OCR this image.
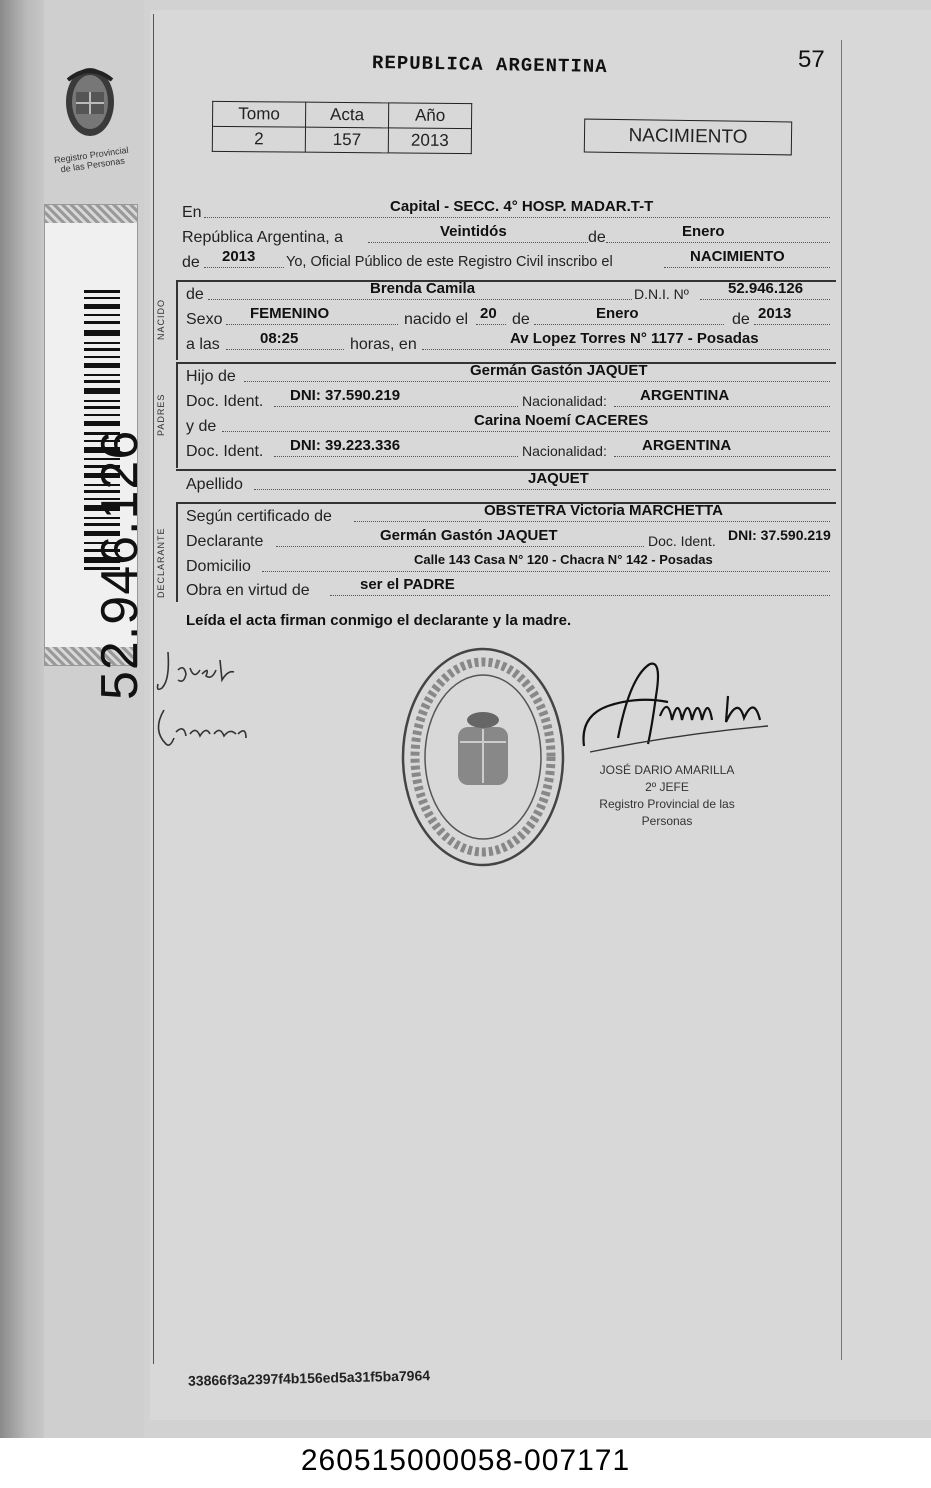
Registro Provincial de las Personas
52.946.126
REPUBLICA ARGENTINA	57
Tomo	Acta	Año
2	157	2013	NACIMIENTO
En	Capital - SECC. 4° HOSP. MADAR.T-T
República Argentina, a	Veintidós	de	Enero
de 2013 Yo, Oficial Público de este Registro Civil inscribo el	NACIMIENTO
NACIDO
de	Brenda Camila	D.N.I. Nº	52.946.126
Sexo FEMENINO	nacido el 20 de	Enero	de 2013
a las	08:25	horas, en	Av Lopez Torres N° 1177 - Posadas
PADRES
Hijo de	Germán Gastón JAQUET
Doc. Ident. DNI: 37.590.219	Nacionalidad: ARGENTINA
y de	Carina Noemí CACERES
Doc. Ident. DNI: 39.223.336	Nacionalidad: ARGENTINA
Apellido	JAQUET
DECLARANTE
Según certificado de	OBSTETRA Victoria MARCHETTA
Declarante	Germán Gastón JAQUET	Doc. Ident. DNI: 37.590.219
Domicilio	Calle 143 Casa N° 120 - Chacra N° 142 - Posadas
Obra en virtud de	ser el PADRE
Leída el acta firman conmigo el declarante y la madre.
JOSÉ DARIO AMARILLA
2º JEFE
Registro Provincial de las Personas
33866f3a2397f4b156ed5a31f5ba7964
260515000058-007171
